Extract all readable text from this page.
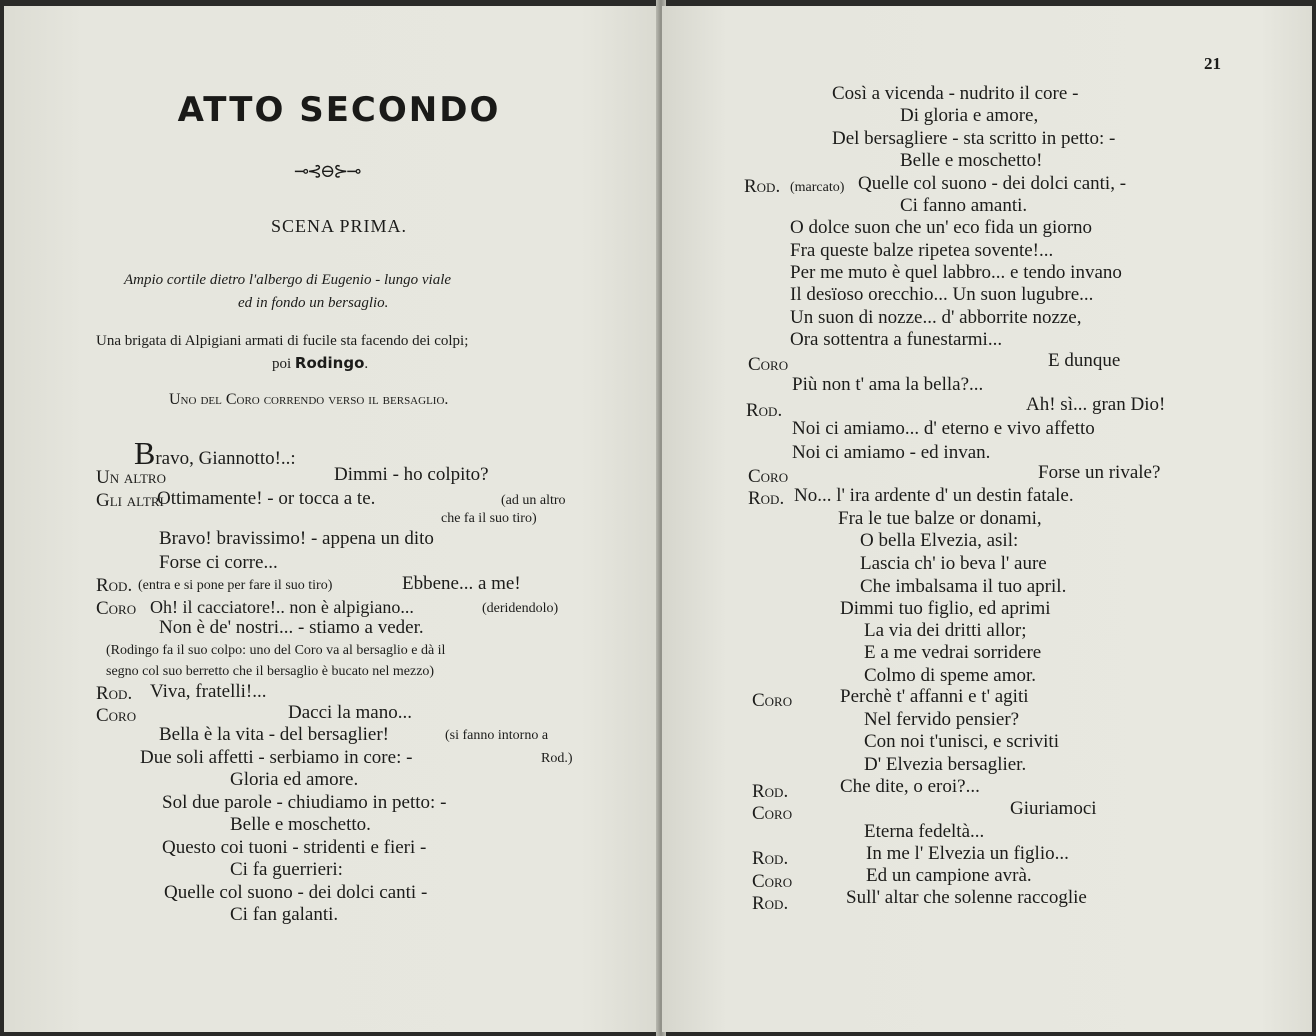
ATTO SECONDO
⊸⊰⊖⊱⊸
SCENA PRIMA.
Ampio cortile dietro l'albergo di Eugenio - lungo viale
ed in fondo un bersaglio.
Una brigata di Alpigiani armati di fucile sta facendo dei colpi;
poi Rodingo.
Uno del Coro correndo verso il bersaglio.
Bravo, Giannotto!..:
Un altro	Dimmi - ho colpito?
Gli altri
Ottimamente! - or tocca a te.	(ad un altro
che fa il suo tiro)
Bravo! bravissimo! - appena un dito
Forse ci corre...
Rod. (entra e si pone per fare il suo tiro)	Ebbene... a me!
Coro Oh! il cacciatore!.. non è alpigiano...	(deridendolo)
Non è de' nostri... - stiamo a veder.
(Rodingo fa il suo colpo: uno del Coro va al bersaglio e dà il
segno col suo berretto che il bersaglio è bucato nel mezzo)
Rod. Viva, fratelli!...
Coro	Dacci la mano...
Bella è la vita - del bersaglier!	(si fanno intorno a
Due soli affetti - serbiamo in core: -	Rod.)
Gloria ed amore.
Sol due parole - chiudiamo in petto: -
Belle e moschetto.
Questo coi tuoni - stridenti e fieri -
Ci fa guerrieri:
Quelle col suono - dei dolci canti -
Ci fan galanti.
21
Così a vicenda - nudrito il core -
Di gloria e amore,
Del bersagliere - sta scritto in petto: -
Belle e moschetto!
Rod. (marcato) Quelle col suono - dei dolci canti, -
Ci fanno amanti.
O dolce suon che un' eco fida un giorno
Fra queste balze ripetea sovente!...
Per me muto è quel labbro... e tendo invano
Il desïoso orecchio... Un suon lugubre...
Un suon di nozze... d' abborrite nozze,
Ora sottentra a funestarmi...
Coro	E dunque
Più non t' ama la bella?...
Rod.	Ah! sì... gran Dio!
Noi ci amiamo... d' eterno e vivo affetto
Noi ci amiamo - ed invan.
Coro	Forse un rivale?
Rod. No... l' ira ardente d' un destin fatale.
Fra le tue balze or donami,
O bella Elvezia, asil:
Lascia ch' io beva l' aure
Che imbalsama il tuo april.
Dimmi tuo figlio, ed aprimi
La via dei dritti allor;
E a me vedrai sorridere
Colmo di speme amor.
Coro	Perchè t' affanni e t' agiti
Nel fervido pensier?
Con noi t'unisci, e scriviti
D' Elvezia bersaglier.
Rod.	Che dite, o eroi?...
Coro	Giuriamoci
Eterna fedeltà...
Rod.	In me l' Elvezia un figlio...
Coro	Ed un campione avrà.
Rod.	Sull' altar che solenne raccoglie
